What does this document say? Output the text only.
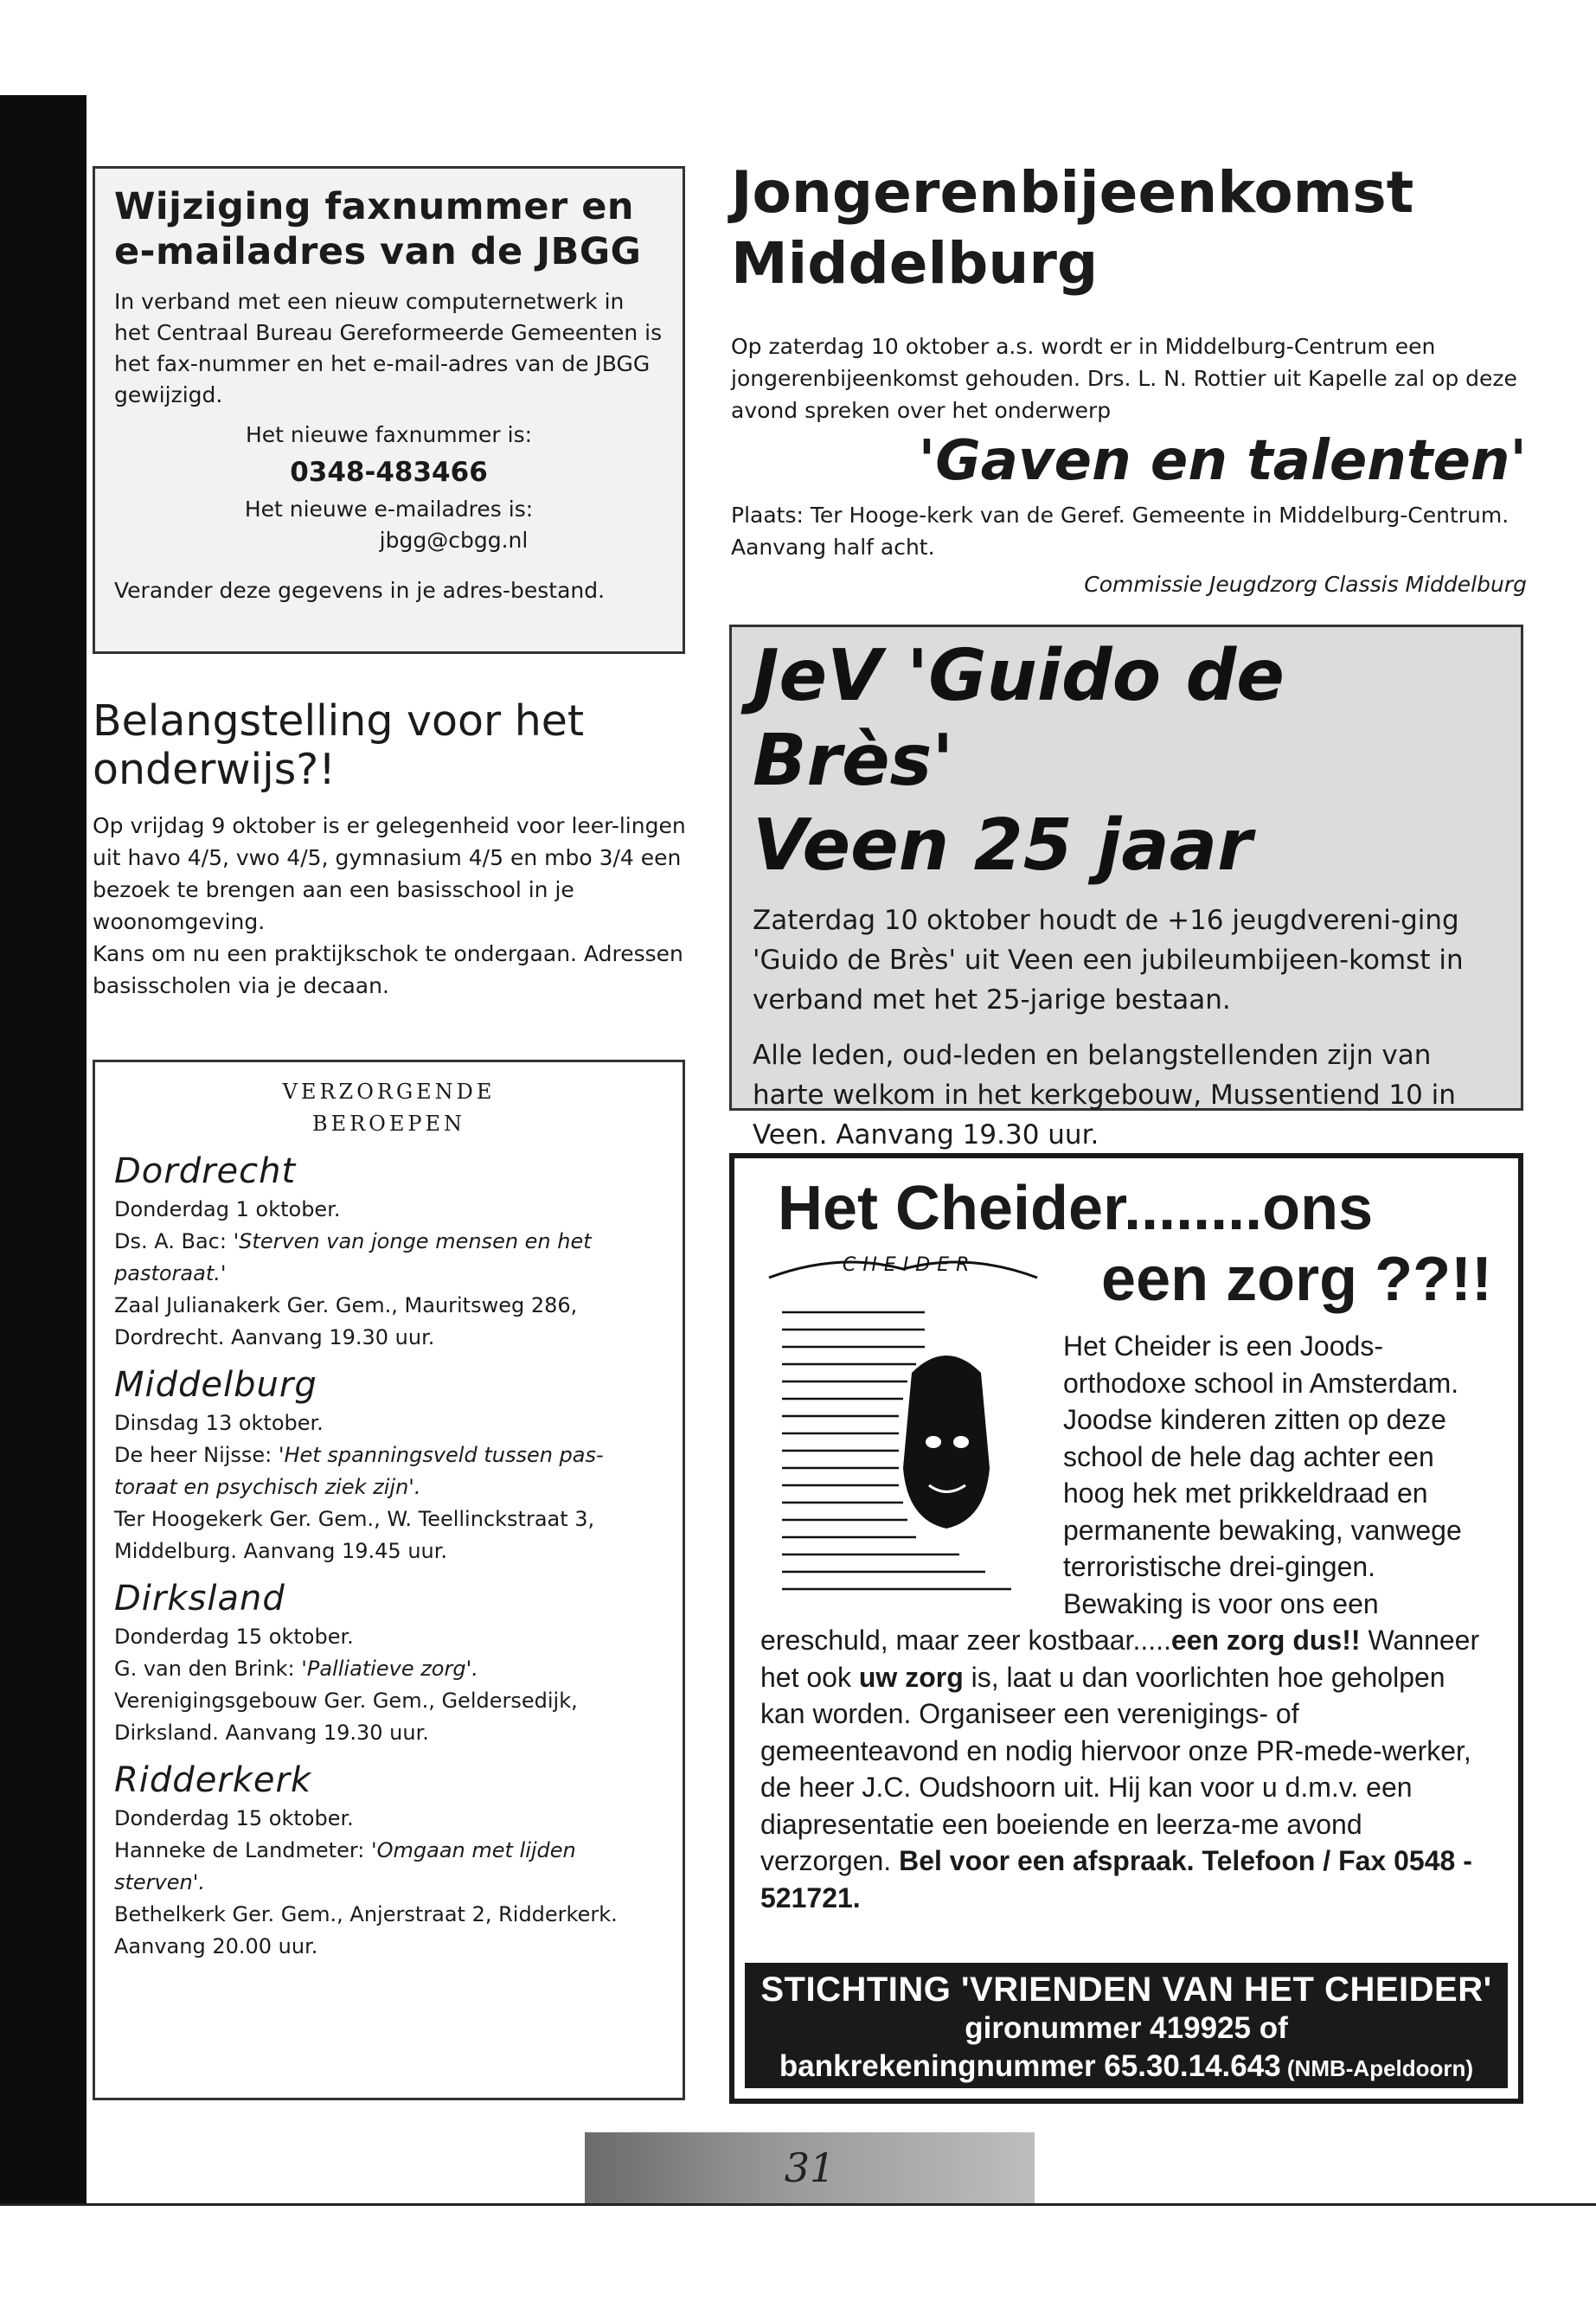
Wijziging faxnummer en e-mailadres van de JBGG

In verband met een nieuw computernetwerk in het Centraal Bureau Gereformeerde Gemeenten is het fax-nummer en het e-mail-adres van de JBGG gewijzigd.

Het nieuwe faxnummer is:

0348-483466

Het nieuwe e-mailadres is:

jbgg@cbgg.nl

Verander deze gegevens in je adres-bestand.

Belangstelling voor het onderwijs?!

Op vrijdag 9 oktober is er gelegenheid voor leer-lingen uit havo 4/5, vwo 4/5, gymnasium 4/5 en mbo 3/4 een bezoek te brengen aan een basisschool in je woonomgeving.

Kans om nu een praktijkschok te ondergaan. Adressen basisscholen via je decaan.

VERZORGENDE

BEROEPEN

Dordrecht

Donderdag 1 oktober.

Ds. A. Bac: 'Sterven van jonge mensen en het pastoraat.'

Zaal Julianakerk Ger. Gem., Mauritsweg 286, Dordrecht. Aanvang 19.30 uur.

Middelburg

Dinsdag 13 oktober.

De heer Nijsse: 'Het spanningsveld tussen pas-toraat en psychisch ziek zijn'.

Ter Hoogekerk Ger. Gem., W. Teellinckstraat 3, Middelburg. Aanvang 19.45 uur.

Dirksland

Donderdag 15 oktober.

G. van den Brink: 'Palliatieve zorg'.

Verenigingsgebouw Ger. Gem., Geldersedijk, Dirksland. Aanvang 19.30 uur.

Ridderkerk

Donderdag 15 oktober.

Hanneke de Landmeter: 'Omgaan met lijden sterven'.

Bethelkerk Ger. Gem., Anjerstraat 2, Ridderkerk. Aanvang 20.00 uur.

Jongerenbijeenkomst Middelburg

Op zaterdag 10 oktober a.s. wordt er in Middelburg-Centrum een jongerenbijeenkomst gehouden. Drs. L. N. Rottier uit Kapelle zal op deze avond spreken over het onderwerp

'Gaven en talenten'

Plaats: Ter Hooge-kerk van de Geref. Gemeente in Middelburg-Centrum. Aanvang half acht.

Commissie Jeugdzorg Classis Middelburg

JeV 'Guido de Brès'
Veen 25 jaar

Zaterdag 10 oktober houdt de +16 jeugdvereni-ging 'Guido de Brès' uit Veen een jubileumbijeen-komst in verband met het 25-jarige bestaan.

Alle leden, oud-leden en belangstellenden zijn van harte welkom in het kerkgebouw, Mussentiend 10 in Veen. Aanvang 19.30 uur.

Het Cheider........ons

CHEIDER	een zorg ??!!

Het Cheider is een Joods-orthodoxe school in Amsterdam. Joodse kinderen zitten op deze school de hele dag achter een hoog hek met prikkeldraad en permanente bewaking, vanwege terroristische drei-gingen. Bewaking is voor ons een ereschuld, maar zeer kostbaar.....een zorg dus!! Wanneer het ook uw zorg is, laat u dan voorlichten hoe geholpen kan worden. Organiseer een verenigings- of gemeenteavond en nodig hiervoor onze PR-mede-werker, de heer J.C. Oudshoorn uit. Hij kan voor u d.m.v. een diapresentatie een boeiende en leerza-me avond verzorgen. Bel voor een afspraak. Telefoon / Fax 0548 - 521721.
STICHTING 'VRIENDEN VAN HET CHEIDER'
gironummer 419925 of
bankrekeningnummer 65.30.14.643 (NMB-Apeldoorn)
31
